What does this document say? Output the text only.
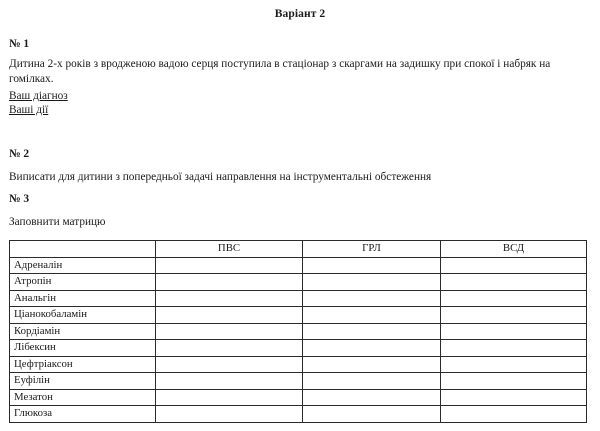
Варіант 2
№ 1
Дитина 2-х років з вродженою вадою серця поступила в стаціонар з скаргами на задишку при спокої і набряк на гомілках.
Ваш діагноз
Ваші дії
№ 2
Виписати для дитини з попередньої задачі направлення на інструментальні обстеження
№ 3
Заповнити матрицю
	ПВС	ГРЛ	ВСД
Адреналін			
Атропін			
Анальгін			
Ціанокобаламін			
Кордіамін			
Лібексин			
Цефтріаксон			
Еуфілін			
Мезатон			
Глюкоза			
